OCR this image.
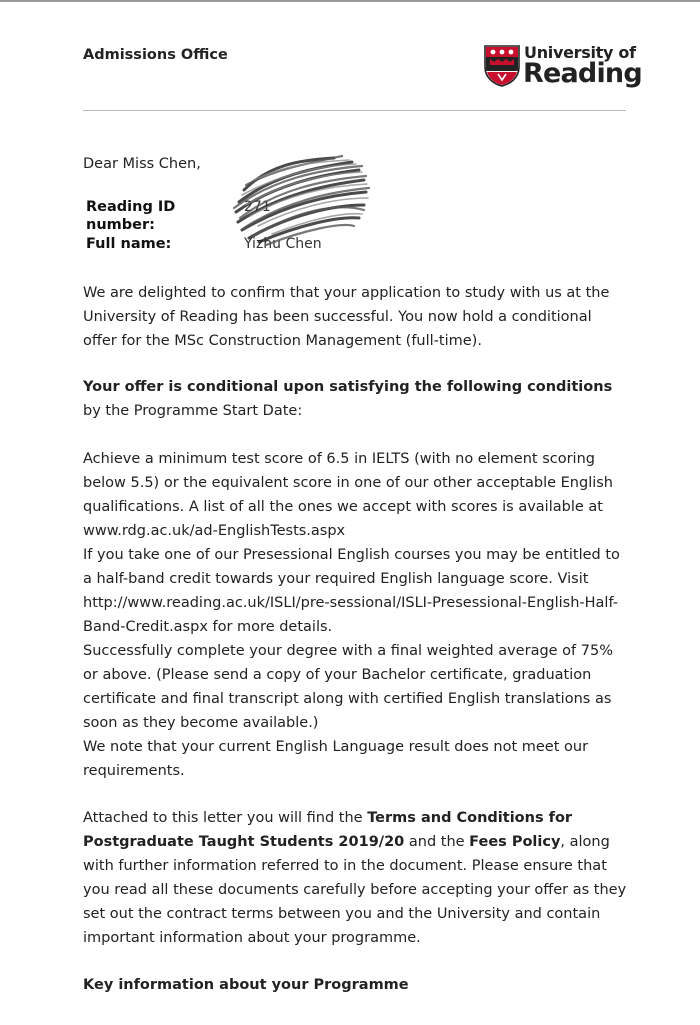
Admissions Office	University of
Reading
Dear Miss Chen,
Reading ID number:
271
Full name:	Yizhu Chen
We are delighted to confirm that your application to study with us at the University of Reading has been successful. You now hold a conditional offer for the MSc Construction Management (full-time).
Your offer is conditional upon satisfying the following conditions
by the Programme Start Date:
Achieve a minimum test score of 6.5 in IELTS (with no element scoring below 5.5) or the equivalent score in one of our other acceptable English qualifications. A list of all the ones we accept with scores is available at www.rdg.ac.uk/ad-EnglishTests.aspx
If you take one of our Presessional English courses you may be entitled to a half-band credit towards your required English language score. Visit http://www.reading.ac.uk/ISLI/pre-sessional/ISLI-Presessional-English-Half-Band-Credit.aspx for more details.
Successfully complete your degree with a final weighted average of 75% or above. (Please send a copy of your Bachelor certificate, graduation certificate and final transcript along with certified English translations as soon as they become available.)
We note that your current English Language result does not meet our requirements.
Attached to this letter you will find the Terms and Conditions for Postgraduate Taught Students 2019/20 and the Fees Policy, along with further information referred to in the document. Please ensure that you read all these documents carefully before accepting your offer as they set out the contract terms between you and the University and contain important information about your programme.
Key information about your Programme
